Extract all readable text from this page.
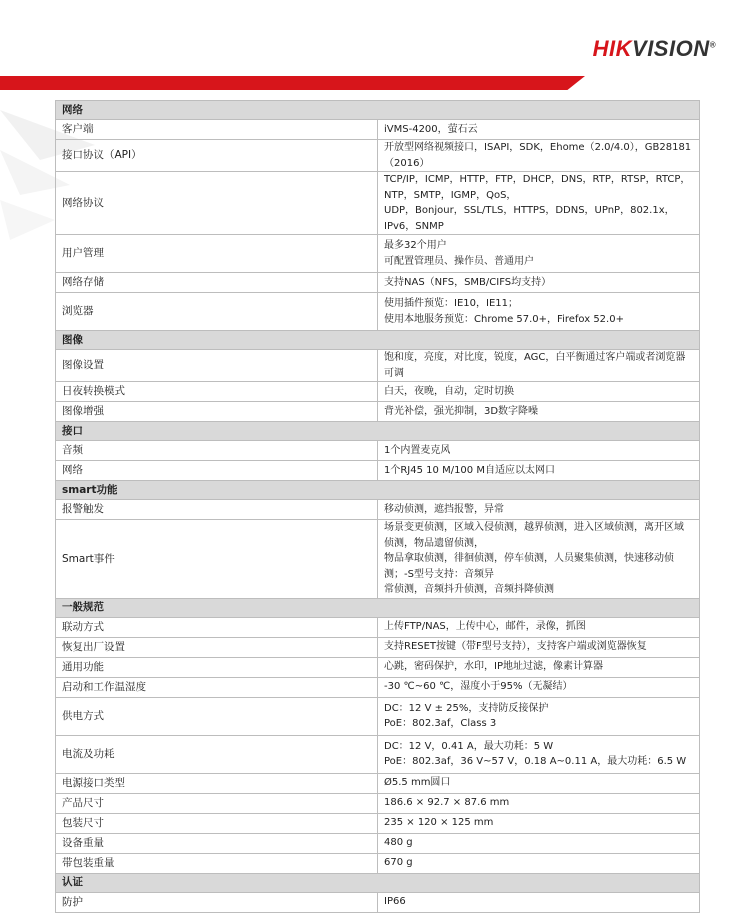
HIKVISION®
网络	
客户端	iVMS-4200，萤石云

接口协议（API）	开放型网络视频接口，ISAPI，SDK，Ehome（2.0/4.0），GB28181（2016）

网络协议	TCP/IP，ICMP，HTTP，FTP，DHCP，DNS，RTP，RTSP，RTCP，NTP，SMTP，IGMP，QoS，
UDP，Bonjour，SSL/TLS，HTTPS，DDNS，UPnP，802.1x，IPv6，SNMP

用户管理	最多32个用户
可配置管理员、操作员、普通用户

网络存储	支持NAS（NFS，SMB/CIFS均支持）

浏览器	使用插件预览：IE10，IE11；
使用本地服务预览：Chrome 57.0+，Firefox 52.0+

图像	
图像设置	饱和度，亮度，对比度，锐度，AGC，白平衡通过客户端或者浏览器可调

日夜转换模式	白天，夜晚，自动，定时切换

图像增强	背光补偿，强光抑制，3D数字降噪

接口	
音频	1个内置麦克风

网络	1个RJ45 10 M/100 M自适应以太网口

smart功能	
报警触发	移动侦测，遮挡报警，异常

Smart事件	场景变更侦测，区域入侵侦测，越界侦测，进入区域侦测，离开区域侦测，物品遗留侦测，
物品拿取侦测，徘徊侦测，停车侦测，人员聚集侦测，快速移动侦测；-S型号支持：音频异
常侦测，音频抖升侦测，音频抖降侦测

一般规范	
联动方式	上传FTP/NAS，上传中心，邮件，录像，抓图

恢复出厂设置	支持RESET按键（带F型号支持），支持客户端或浏览器恢复

通用功能	心跳，密码保护，水印，IP地址过滤，像素计算器

启动和工作温湿度	-30 ℃~60 ℃，湿度小于95%（无凝结）

供电方式	DC：12 V ± 25%，支持防反接保护
PoE：802.3af，Class 3

电流及功耗	DC：12 V，0.41 A，最大功耗：5 W
PoE：802.3af，36 V~57 V，0.18 A~0.11 A，最大功耗：6.5 W

电源接口类型	Ø5.5 mm圆口

产品尺寸	186.6 × 92.7 × 87.6 mm

包装尺寸	235 × 120 × 125 mm

设备重量	480 g

带包装重量	670 g

认证	
防护	IP66
